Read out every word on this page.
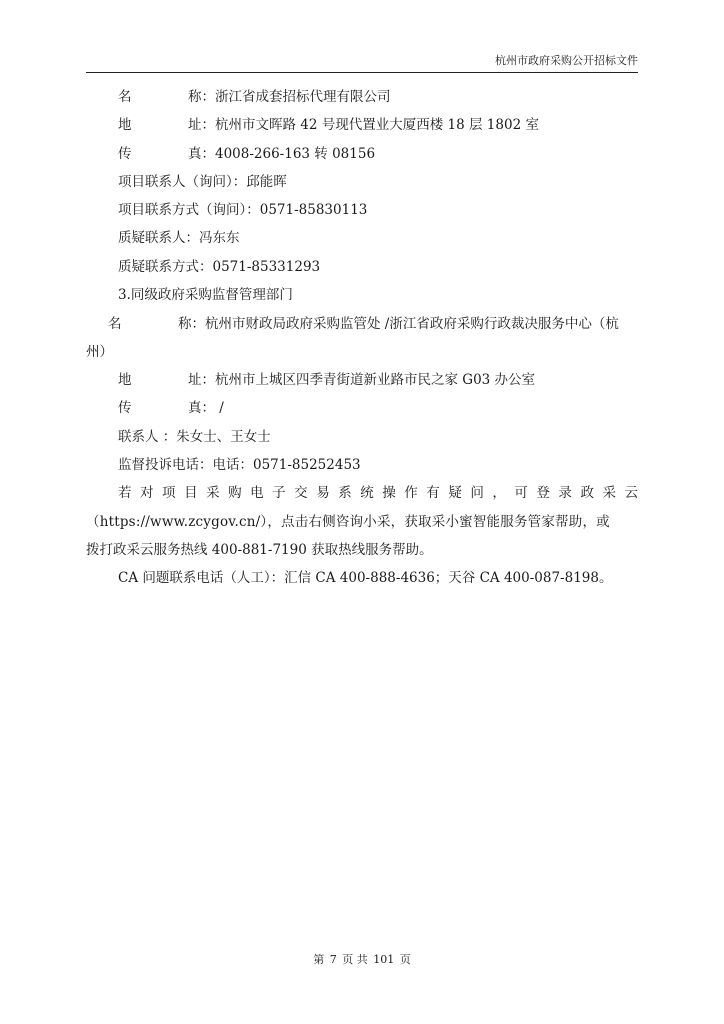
杭州市政府采购公开招标文件
名	称：浙江省成套招标代理有限公司
地	址：杭州市文晖路 42 号现代置业大厦西楼 18 层 1802 室
传	真：4008-266-163 转 08156
项目联系人（询问）：邱能晖
项目联系方式（询问）：0571-85830113
质疑联系人：冯东东
质疑联系方式：0571-85331293
3.同级政府采购监督管理部门
名	称：杭州市财政局政府采购监管处 /浙江省政府采购行政裁决服务中心（杭
州）
地	址：杭州市上城区四季青街道新业路市民之家 G03 办公室
传	真： /
联系人 ：朱女士、王女士
监督投诉电话：电话：0571-85252453
若对项目采购电子交易系统操作有疑问，可登录政采云
（https://www.zcygov.cn/），点击右侧咨询小采，获取采小蜜智能服务管家帮助，或
拨打政采云服务热线 400-881-7190 获取热线服务帮助。
CA 问题联系电话（人工）：汇信 CA 400-888-4636；天谷 CA 400-087-8198。
第 7 页 共 101 页
